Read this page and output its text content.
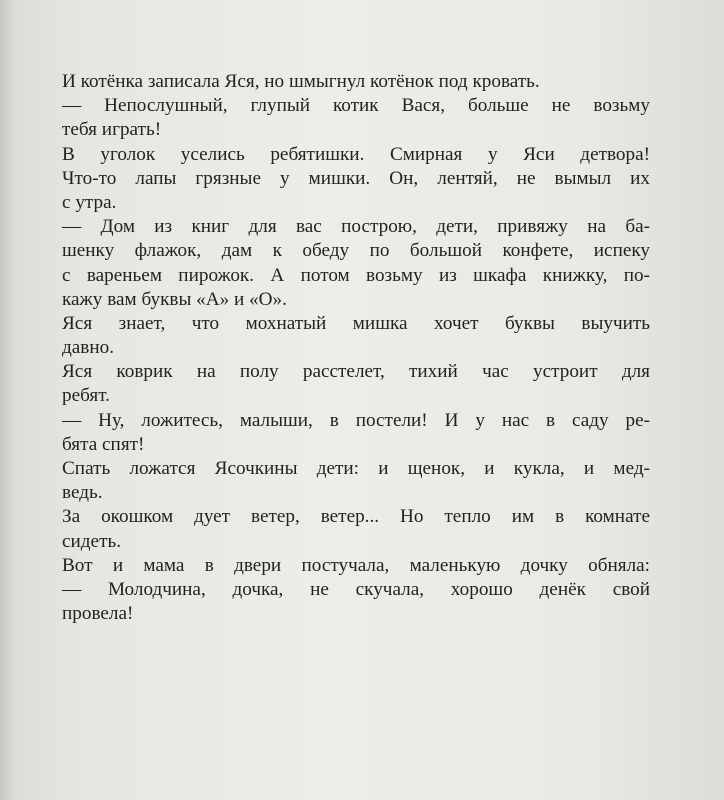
И котёнка записала Яся, но шмыгнул котёнок под кровать.
— Непослушный, глупый котик Вася, больше не возьму
тебя играть!
В уголок уселись ребятишки. Смирная у Яси детвора!
Что-то лапы грязные у мишки. Он, лентяй, не вымыл их
с утра.
— Дом из книг для вас построю, дети, привяжу на ба-
шенку флажок, дам к обеду по большой конфете, испеку
с вареньем пирожок. А потом возьму из шкафа книжку, по-
кажу вам буквы «А» и «О».
Яся знает, что мохнатый мишка хочет буквы выучить
давно.
Яся коврик на полу расстелет, тихий час устроит для
ребят.
— Ну, ложитесь, малыши, в постели! И у нас в саду ре-
бята спят!
Спать ложатся Ясочкины дети: и щенок, и кукла, и мед-
ведь.
За окошком дует ветер, ветер... Но тепло им в комнате
сидеть.
Вот и мама в двери постучала, маленькую дочку обняла:
— Молодчина, дочка, не скучала, хорошо денёк свой
провела!
